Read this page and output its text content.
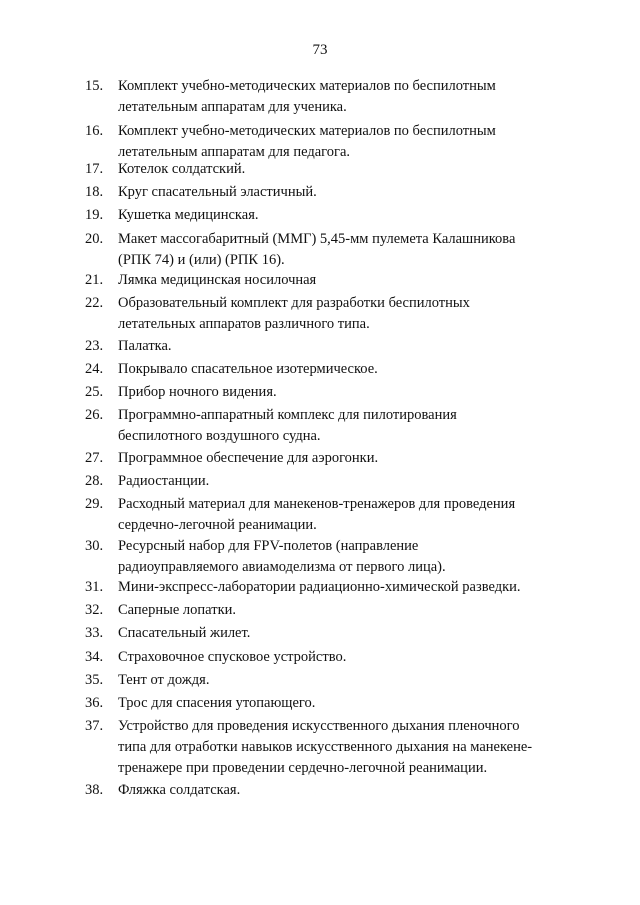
73
15.	Комплект учебно-методических материалов по беспилотным
летательным аппаратам для ученика.
16.	Комплект учебно-методических материалов по беспилотным
летательным аппаратам для педагога.
17.	Котелок солдатский.
18.	Круг спасательный эластичный.
19.	Кушетка медицинская.
20.	Макет массогабаритный (ММГ) 5,45-мм пулемета Калашникова
(РПК 74) и (или) (РПК 16).
21.	Лямка медицинская носилочная
22.	Образовательный комплект для разработки беспилотных
летательных аппаратов различного типа.
23.	Палатка.
24.	Покрывало спасательное изотермическое.
25.	Прибор ночного видения.
26.	Программно-аппаратный комплекс для пилотирования
беспилотного воздушного судна.
27.	Программное обеспечение для аэрогонки.
28.	Радиостанции.
29.	Расходный материал для манекенов-тренажеров для проведения
сердечно-легочной реанимации.
30.	Ресурсный набор для FPV-полетов (направление
радиоуправляемого авиамоделизма от первого лица).
31.	Мини-экспресс-лаборатории радиационно-химической разведки.
32.	Саперные лопатки.
33.	Спасательный жилет.
34.	Страховочное спусковое устройство.
35.	Тент от дождя.
36.	Трос для спасения утопающего.
37.	Устройство для проведения искусственного дыхания пленочного
типа для отработки навыков искусственного дыхания на манекене-
тренажере при проведении сердечно-легочной реанимации.
38.	Фляжка солдатская.
